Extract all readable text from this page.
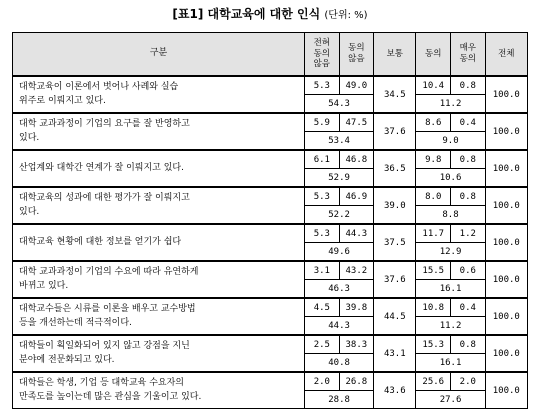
[표1] 대학교육에 대한 인식 (단위: %)
구분	전혀
동의
않음	동의
않음	보통	동의	매우
동의	전체
대학교육이 이론에서 벗어나 사례와 실습
위주로 이뤄지고 있다.	5.3	49.0	34.5	10.4	0.8	100.0
	54.3			11.2		
대학 교과과정이 기업의 요구를 잘 반영하고
있다.	5.9	47.5	37.6	8.6	0.4	100.0
	53.4			9.0		
산업계와 대학간 연계가 잘 이뤄지고 있다.	6.1	46.8	36.5	9.8	0.8	100.0
	52.9			10.6		
대학교육의 성과에 대한 평가가 잘 이뤄지고
있다.	5.3	46.9	39.0	8.0	0.8	100.0
	52.2			8.8		
대학교육 현황에 대한 정보를 얻기가 쉽다	5.3	44.3	37.5	11.7	1.2	100.0
	49.6			12.9		
대학 교과과정이 기업의 수요에 따라 유연하게
바뀌고 있다.	3.1	43.2	37.6	15.5	0.6	100.0
	46.3			16.1		
대학교수들은 시류를 이론을 배우고 교수방법
등을 개선하는데 적극적이다.	4.5	39.8	44.5	10.8	0.4	100.0
	44.3			11.2		
대학들이 획일화되어 있지 않고 강점을 지닌
분야에 전문화되고 있다.	2.5	38.3	43.1	15.3	0.8	100.0
	40.8			16.1		
대학들은 학생, 기업 등 대학교육 수요자의
만족도를 높이는데 많은 관심을 기울이고 있다.	2.0	26.8	43.6	25.6	2.0	100.0
	28.8			27.6		
